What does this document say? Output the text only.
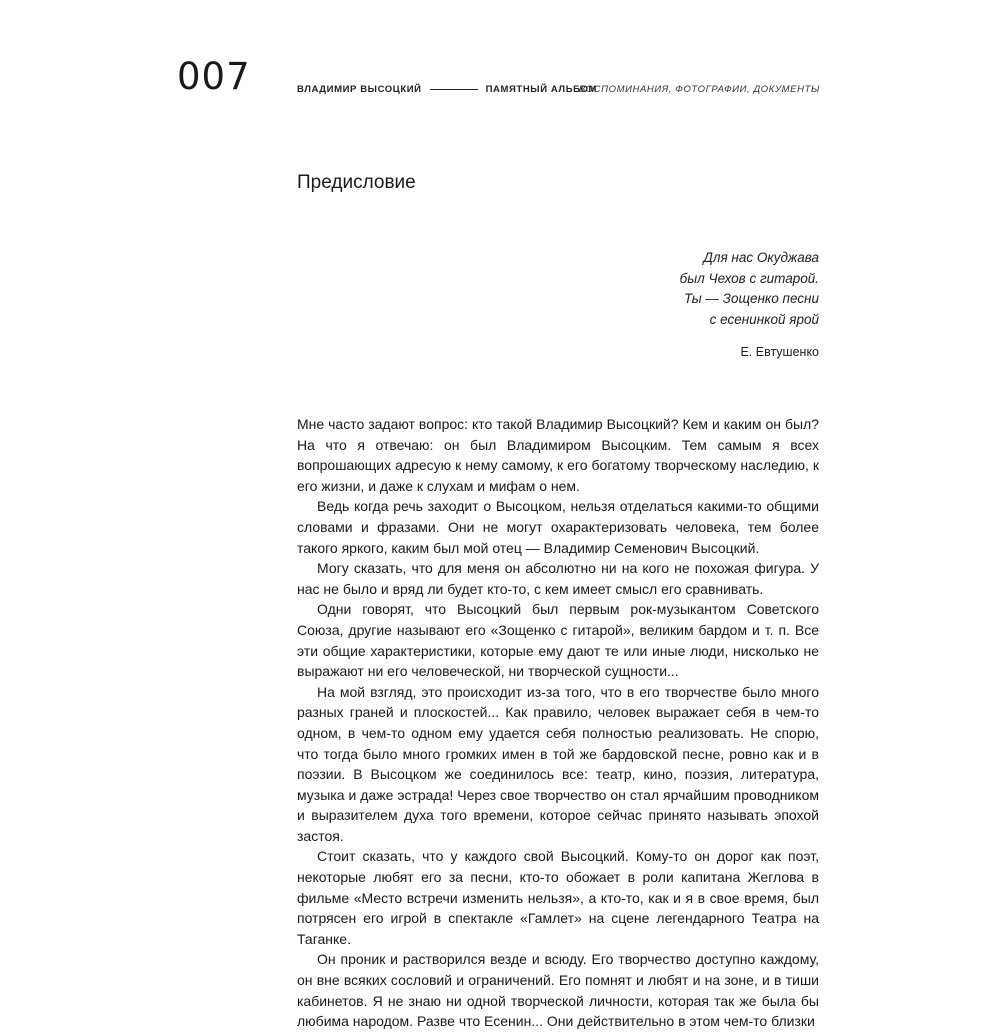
007	ВЛАДИМИР ВЫСОЦКИЙ	ПАМЯТНЫЙ АЛЬБОМ
ВОСПОМИНАНИЯ, ФОТОГРАФИИ, ДОКУМЕНТЫ
Предисловие
Для нас Окуджава
был Чехов с гитарой.
Ты — Зощенко песни
с есенинкой ярой
Е. Евтушенко

Мне часто задают вопрос: кто такой Владимир Высоцкий? Кем и каким он был? На что я отвечаю: он был Владимиром Высоцким. Тем самым я всех вопрошающих адресую к нему самому, к его богатому творческому наследию, к его жизни, и даже к слухам и мифам о нем.

Ведь когда речь заходит о Высоцком, нельзя отделаться какими-то общими словами и фразами. Они не могут охарактеризовать человека, тем более такого яркого, каким был мой отец — Владимир Семенович Высоцкий.

Могу сказать, что для меня он абсолютно ни на кого не похожая фигура. У нас не было и вряд ли будет кто-то, с кем имеет смысл его сравнивать.

Одни говорят, что Высоцкий был первым рок-музыкантом Советского Союза, другие называют его «Зощенко с гитарой», великим бардом и т. п. Все эти общие характеристики, которые ему дают те или иные люди, нисколько не выражают ни его человеческой, ни творческой сущности...

На мой взгляд, это происходит из-за того, что в его творчестве было много разных граней и плоскостей... Как правило, человек выражает себя в чем-то одном, в чем-то одном ему удается себя полностью реализовать. Не спорю, что тогда было много громких имен в той же бардовской песне, ровно как и в поэзии. В Высоцком же соединилось все: театр, кино, поэзия, литература, музыка и даже эстрада! Через свое творчество он стал ярчайшим проводником и выразителем духа того времени, которое сейчас принято называть эпохой застоя.

Стоит сказать, что у каждого свой Высоцкий. Кому-то он дорог как поэт, некоторые любят его за песни, кто-то обожает в роли капитана Жеглова в фильме «Место встречи изменить нельзя», а кто-то, как и я в свое время, был потрясен его игрой в спектакле «Гамлет» на сцене легендарного Театра на Таганке.

Он проник и растворился везде и всюду. Его творчество доступно каждому, он вне всяких сословий и ограничений. Его помнят и любят и на зоне, и в тиши кабинетов. Я не знаю ни одной творческой личности, которая так же была бы любима народом. Разве что Есенин... Они действительно в этом чем-то близки
